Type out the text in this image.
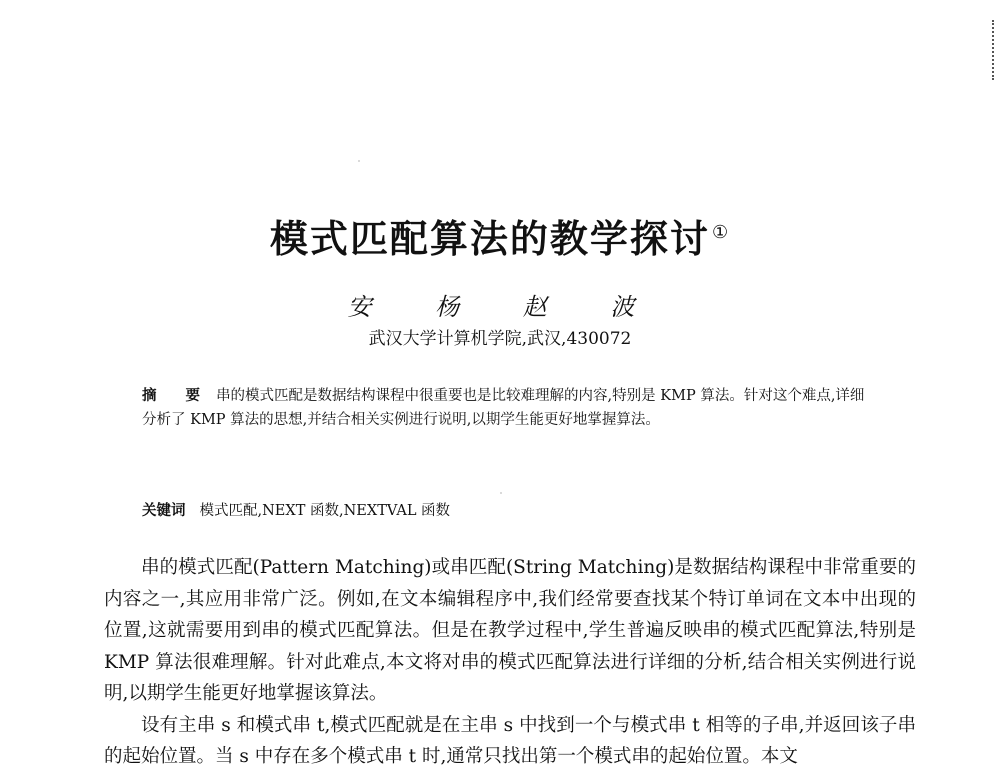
模式匹配算法的教学探讨 ①
安 杨 赵 波
武汉大学计算机学院,武汉,430072
摘 要 串的模式匹配是数据结构课程中很重要也是比较难理解的内容,特别是 KMP 算法。针对这个难点,详细分析了 KMP 算法的思想,并结合相关实例进行说明,以期学生能更好地掌握算法。
关键词 模式匹配,NEXT 函数,NEXTVAL 函数

串的模式匹配(Pattern Matching)或串匹配(String Matching)是数据结构课程中非常重要的内容之一,其应用非常广泛。例如,在文本编辑程序中,我们经常要查找某个特订单词在文本中出现的位置,这就需要用到串的模式匹配算法。但是在教学过程中,学生普遍反映串的模式匹配算法,特别是 KMP 算法很难理解。针对此难点,本文将对串的模式匹配算法进行详细的分析,结合相关实例进行说明,以期学生能更好地掌握该算法。

设有主串 s 和模式串 t,模式匹配就是在主串 s 中找到一个与模式串 t 相等的子串,并返回该子串的起始位置。当 s 中存在多个模式串 t 时,通常只找出第一个模式串的起始位置。本文
